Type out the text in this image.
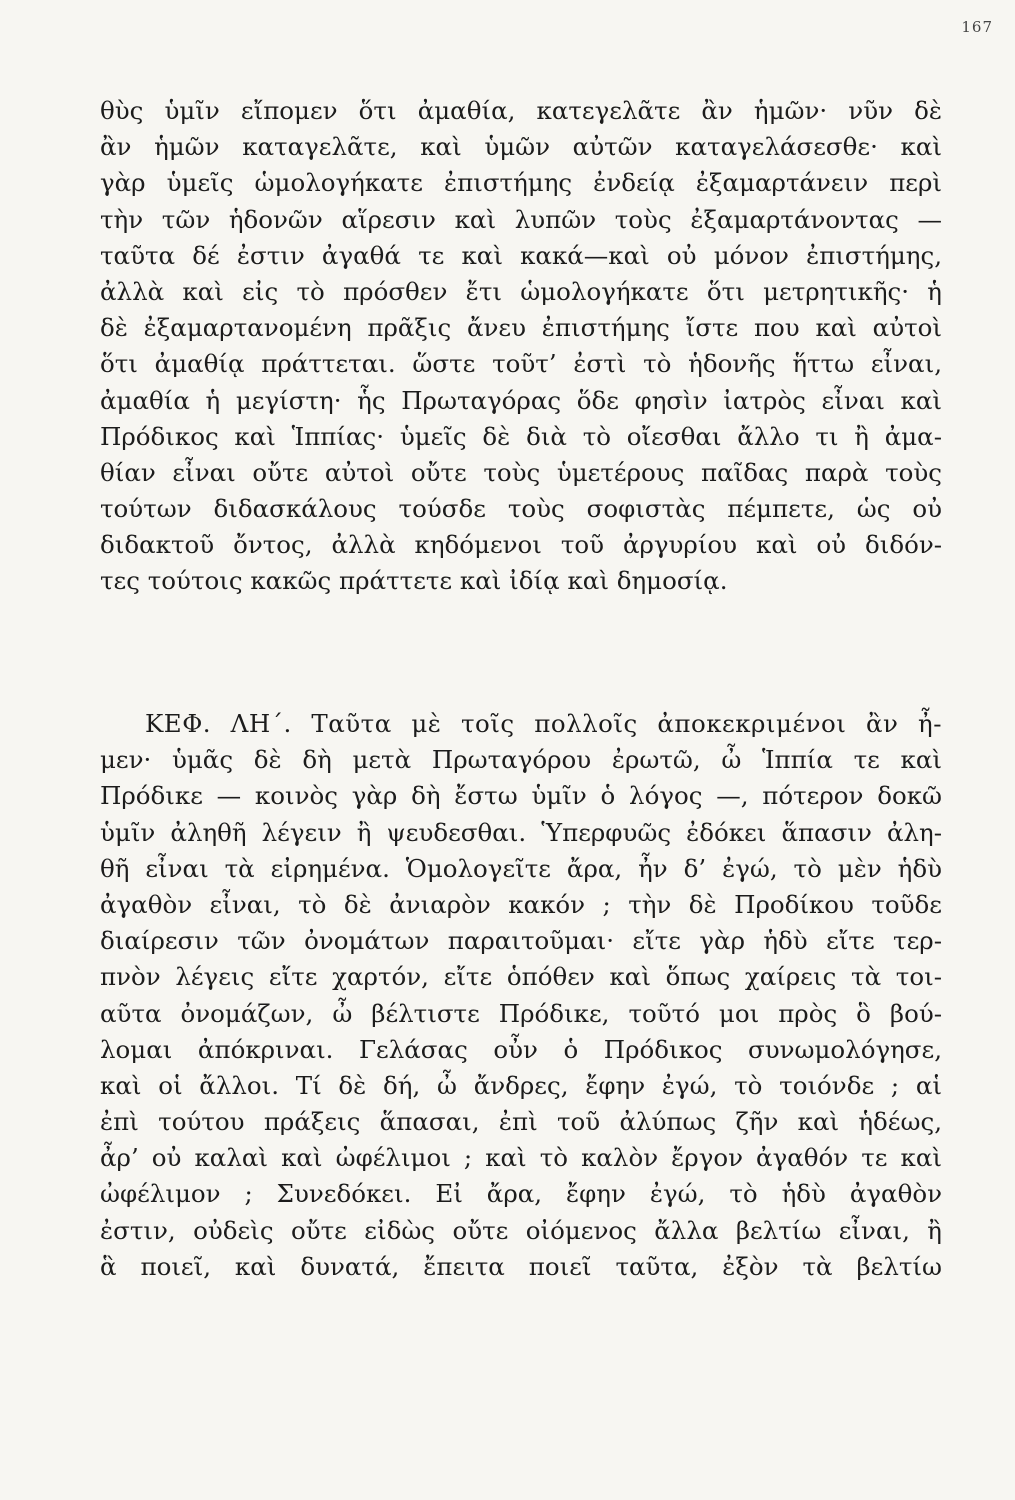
167
θὺς ὑμῖν εἴπομεν ὅτι ἀμαθία, κατεγελᾶτε ἂν ἡμῶν· νῦν δὲ
ἂν ἡμῶν καταγελᾶτε, καὶ ὑμῶν αὐτῶν καταγελάσεσθε· καὶ
γὰρ ὑμεῖς ὡμολογήκατε ἐπιστήμης ἐνδείᾳ ἐξαμαρτάνειν περὶ
τὴν τῶν ἡδονῶν αἵρεσιν καὶ λυπῶν τοὺς ἐξαμαρτάνοντας —
ταῦτα δέ ἐστιν ἀγαθά τε καὶ κακά—καὶ οὐ μόνον ἐπιστήμης,
ἀλλὰ καὶ εἰς τὸ πρόσθεν ἔτι ὡμολογήκατε ὅτι μετρητικῆς· ἡ
δὲ ἐξαμαρτανομένη πρᾶξις ἄνευ ἐπιστήμης ἴστε που καὶ αὐτοὶ
ὅτι ἀμαθίᾳ πράττεται. ὥστε τοῦτ’ ἐστὶ τὸ ἡδονῆς ἥττω εἶναι,
ἀμαθία ἡ μεγίστη· ἧς Πρωταγόρας ὅδε φησὶν ἰατρὸς εἶναι καὶ
Πρόδικος καὶ Ἱππίας· ὑμεῖς δὲ διὰ τὸ οἴεσθαι ἄλλο τι ἢ ἀμα-
θίαν εἶναι οὔτε αὐτοὶ οὔτε τοὺς ὑμετέρους παῖδας παρὰ τοὺς
τούτων διδασκάλους τούσδε τοὺς σοφιστὰς πέμπετε, ὡς οὐ
διδακτοῦ ὄντος, ἀλλὰ κηδόμενοι τοῦ ἀργυρίου καὶ οὐ διδόν-
τες τούτοις κακῶς πράττετε καὶ ἰδίᾳ καὶ δημοσίᾳ.
ΚΕΦ. ΛΗ΄. Ταῦτα μὲ τοῖς πολλοῖς ἀποκεκριμένοι ἂν ἦ-
μεν· ὑμᾶς δὲ δὴ μετὰ Πρωταγόρου ἐρωτῶ, ὦ Ἱππία τε καὶ
Πρόδικε — κοινὸς γὰρ δὴ ἔστω ὑμῖν ὁ λόγος —, πότερον δοκῶ
ὑμῖν ἀληθῆ λέγειν ἢ ψευδεσθαι. Ὑπερφυῶς ἐδόκει ἅπασιν ἀλη-
θῆ εἶναι τὰ εἰρημένα. Ὁμολογεῖτε ἄρα, ἦν δ’ ἐγώ, τὸ μὲν ἡδὺ
ἀγαθὸν εἶναι, τὸ δὲ ἀνιαρὸν κακόν ; τὴν δὲ Προδίκου τοῦδε
διαίρεσιν τῶν ὀνομάτων παραιτοῦμαι· εἴτε γὰρ ἡδὺ εἴτε τερ-
πνὸν λέγεις εἴτε χαρτόν, εἴτε ὁπόθεν καὶ ὅπως χαίρεις τὰ τοι-
αῦτα ὀνομάζων, ὦ βέλτιστε Πρόδικε, τοῦτό μοι πρὸς ὃ βού-
λομαι ἀπόκριναι. Γελάσας οὖν ὁ Πρόδικος συνωμολόγησε,
καὶ οἱ ἄλλοι. Τί δὲ δή, ὦ ἄνδρες, ἔφην ἐγώ, τὸ τοιόνδε ; αἱ
ἐπὶ τούτου πράξεις ἅπασαι, ἐπὶ τοῦ ἀλύπως ζῆν καὶ ἡδέως,
ἆρ’ οὐ καλαὶ καὶ ὠφέλιμοι ; καὶ τὸ καλὸν ἔργον ἀγαθόν τε καὶ
ὠφέλιμον ; Συνεδόκει. Εἰ ἄρα, ἔφην ἐγώ, τὸ ἡδὺ ἀγαθὸν
ἐστιν, οὐδεὶς οὔτε εἰδὼς οὔτε οἰόμενος ἄλλα βελτίω εἶναι, ἢ
ἃ ποιεῖ, καὶ δυνατά, ἔπειτα ποιεῖ ταῦτα, ἐξὸν τὰ βελτίω
